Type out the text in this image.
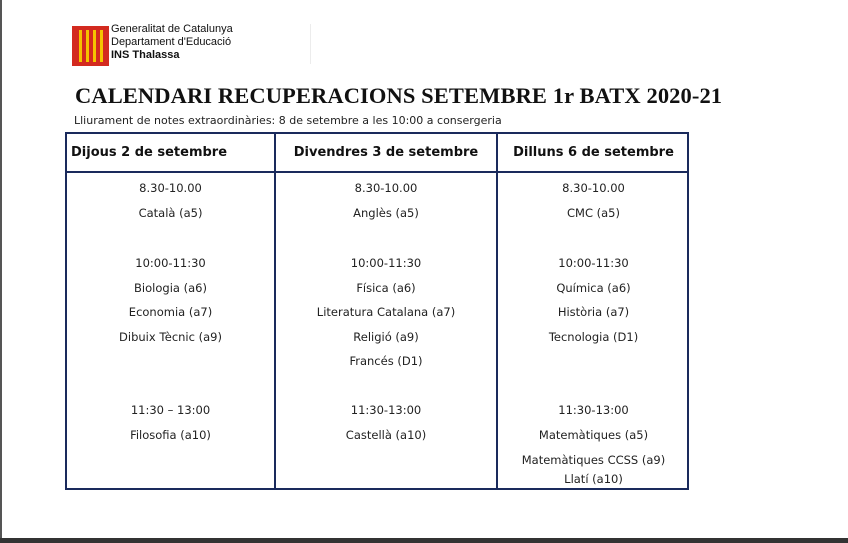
Generalitat de Catalunya
Departament d'Educació
INS Thalassa
CALENDARI RECUPERACIONS SETEMBRE 1r BATX 2020-21
Lliurament de notes extraordinàries: 8 de setembre a les 10:00 a consergeria
Dijous 2 de setembre	Divendres 3 de setembre	Dilluns 6 de setembre
8.30-10.00
Català (a5)
10:00-11:30
Biologia (a6)
Economia (a7)
Dibuix Tècnic (a9)
11:30 – 13:00
Filosofia (a10)
8.30-10.00
Anglès (a5)
10:00-11:30
Física (a6)
Literatura Catalana (a7)
Religió (a9)
Francés (D1)
11:30-13:00
Castellà (a10)
8.30-10.00
CMC (a5)
10:00-11:30
Química (a6)
Història (a7)
Tecnologia (D1)
11:30-13:00
Matemàtiques (a5)
Matemàtiques CCSS (a9)
Llatí (a10)
